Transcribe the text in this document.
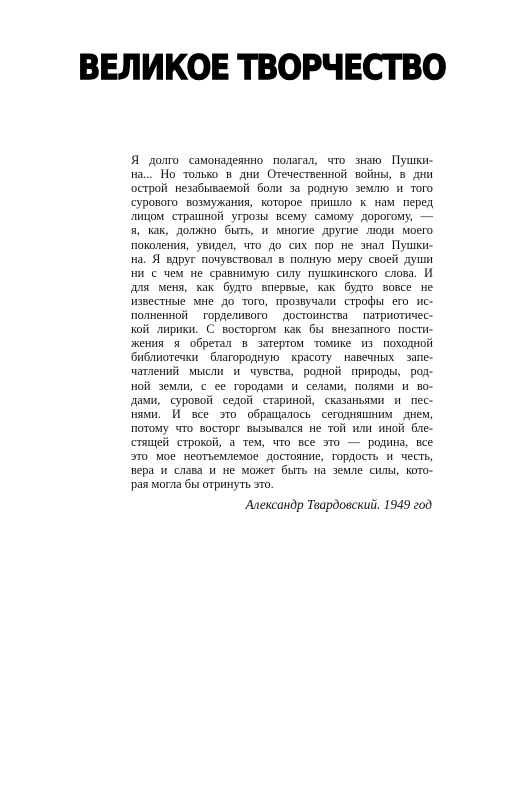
ВЕЛИКОЕ ТВОРЧЕСТВО
Я долго самонадеянно полагал, что знаю Пушки-
на... Но только в дни Отечественной войны, в дни
острой незабываемой боли за родную землю и того
сурового возмужания, которое пришло к нам перед
лицом страшной угрозы всему самому дорогому, —
я, как, должно быть, и многие другие люди моего
поколения, увидел, что до сих пор не знал Пушки-
на. Я вдруг почувствовал в полную меру своей души
ни с чем не сравнимую силу пушкинского слова. И
для меня, как будто впервые, как будто вовсе не
известные мне до того, прозвучали строфы его ис-
полненной горделивого достоинства патриотичес-
кой лирики. С восторгом как бы внезапного пости-
жения я обретал в затертом томике из походной
библиотечки благородную красоту навечных запе-
чатлений мысли и чувства, родной природы, род-
ной земли, с ее городами и селами, полями и во-
дами, суровой седой стариной, сказаньями и пес-
нями. И все это обращалось сегодняшним днем,
потому что восторг вызывался не той или иной бле-
стящей строкой, а тем, что все это — родина, все
это мое неотъемлемое достояние, гордость и честь,
вера и слава и не может быть на земле силы, кото-
рая могла бы отринуть это.
Александр Твардовский. 1949 год
